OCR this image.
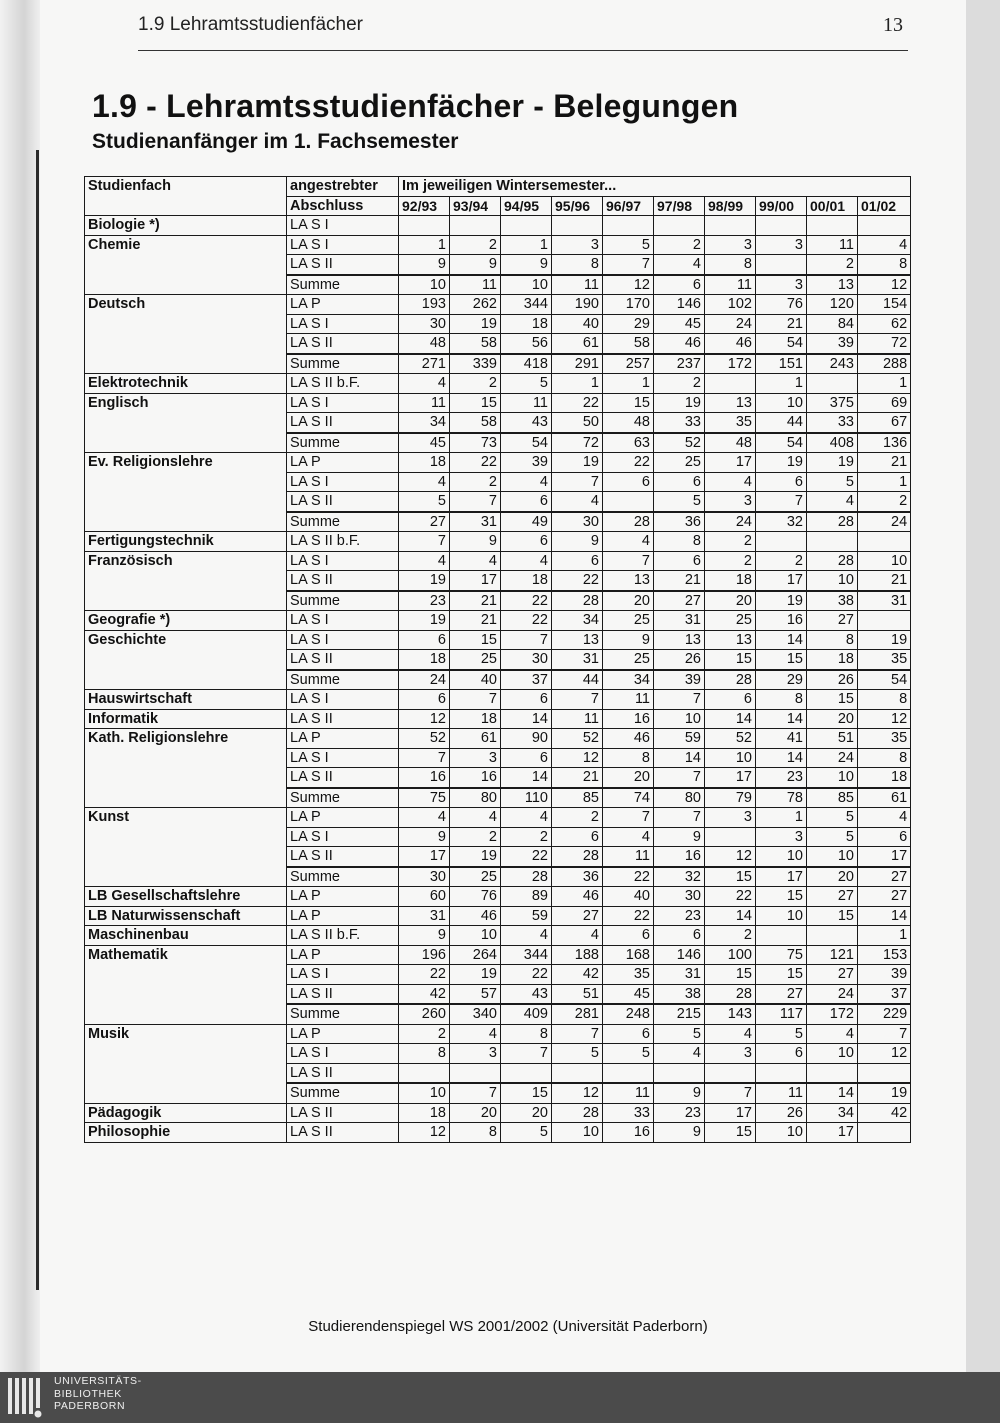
1.9 Lehramtsstudienfächer	13
1.9 - Lehramtsstudienfächer - Belegungen
Studienanfänger im 1. Fachsemester
Studienfach	angestrebter	Im jeweiligen Wintersemester...									
	Abschluss	92/93	93/94	94/95	95/96	96/97	97/98	98/99	99/00	00/01	01/02
Biologie *)	LA S I										
Chemie	LA S I	1	2	1	3	5	2	3	3	11	4
	LA S II	9	9	9	8	7	4	8		2	8
	Summe	10	11	10	11	12	6	11	3	13	12
Deutsch	LA P	193	262	344	190	170	146	102	76	120	154
	LA S I	30	19	18	40	29	45	24	21	84	62
	LA S II	48	58	56	61	58	46	46	54	39	72
	Summe	271	339	418	291	257	237	172	151	243	288
Elektrotechnik	LA S II b.F.	4	2	5	1	1	2		1		1
Englisch	LA S I	11	15	11	22	15	19	13	10	375	69
	LA S II	34	58	43	50	48	33	35	44	33	67
	Summe	45	73	54	72	63	52	48	54	408	136
Ev. Religionslehre	LA P	18	22	39	19	22	25	17	19	19	21
	LA S I	4	2	4	7	6	6	4	6	5	1
	LA S II	5	7	6	4		5	3	7	4	2
	Summe	27	31	49	30	28	36	24	32	28	24
Fertigungstechnik	LA S II b.F.	7	9	6	9	4	8	2			
Französisch	LA S I	4	4	4	6	7	6	2	2	28	10
	LA S II	19	17	18	22	13	21	18	17	10	21
	Summe	23	21	22	28	20	27	20	19	38	31
Geografie *)	LA S I	19	21	22	34	25	31	25	16	27	
Geschichte	LA S I	6	15	7	13	9	13	13	14	8	19
	LA S II	18	25	30	31	25	26	15	15	18	35
	Summe	24	40	37	44	34	39	28	29	26	54
Hauswirtschaft	LA S I	6	7	6	7	11	7	6	8	15	8
Informatik	LA S II	12	18	14	11	16	10	14	14	20	12
Kath. Religionslehre	LA P	52	61	90	52	46	59	52	41	51	35
	LA S I	7	3	6	12	8	14	10	14	24	8
	LA S II	16	16	14	21	20	7	17	23	10	18
	Summe	75	80	110	85	74	80	79	78	85	61
Kunst	LA P	4	4	4	2	7	7	3	1	5	4
	LA S I	9	2	2	6	4	9		3	5	6
	LA S II	17	19	22	28	11	16	12	10	10	17
	Summe	30	25	28	36	22	32	15	17	20	27
LB Gesellschaftslehre	LA P	60	76	89	46	40	30	22	15	27	27
LB Naturwissenschaft	LA P	31	46	59	27	22	23	14	10	15	14
Maschinenbau	LA S II b.F.	9	10	4	4	6	6	2			1
Mathematik	LA P	196	264	344	188	168	146	100	75	121	153
	LA S I	22	19	22	42	35	31	15	15	27	39
	LA S II	42	57	43	51	45	38	28	27	24	37
	Summe	260	340	409	281	248	215	143	117	172	229
Musik	LA P	2	4	8	7	6	5	4	5	4	7
	LA S I	8	3	7	5	5	4	3	6	10	12
	LA S II										
	Summe	10	7	15	12	11	9	7	11	14	19
Pädagogik	LA S II	18	20	20	28	33	23	17	26	34	42
Philosophie	LA S II	12	8	5	10	16	9	15	10	17	
Studierendenspiegel WS 2001/2002 (Universität Paderborn)
UNIVERSITÄTS-
BIBLIOTHEK
PADERBORN
